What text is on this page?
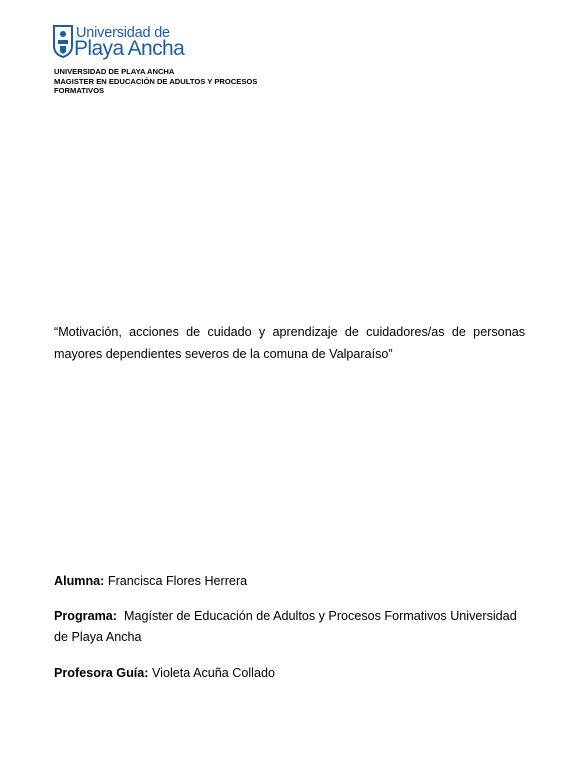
Universidad de
Playa Ancha
UNIVERSIDAD DE PLAYA ANCHA
MAGISTER EN EDUCACIÓN DE ADULTOS Y PROCESOS
FORMATIVOS
“Motivación, acciones de cuidado y aprendizaje de cuidadores/as de personas mayores dependientes severos de la comuna de Valparaíso”
Alumna: Francisca Flores Herrera
Programa: Magíster de Educación de Adultos y Procesos Formativos Universidad de Playa Ancha
Profesora Guía: Violeta Acuña Collado
